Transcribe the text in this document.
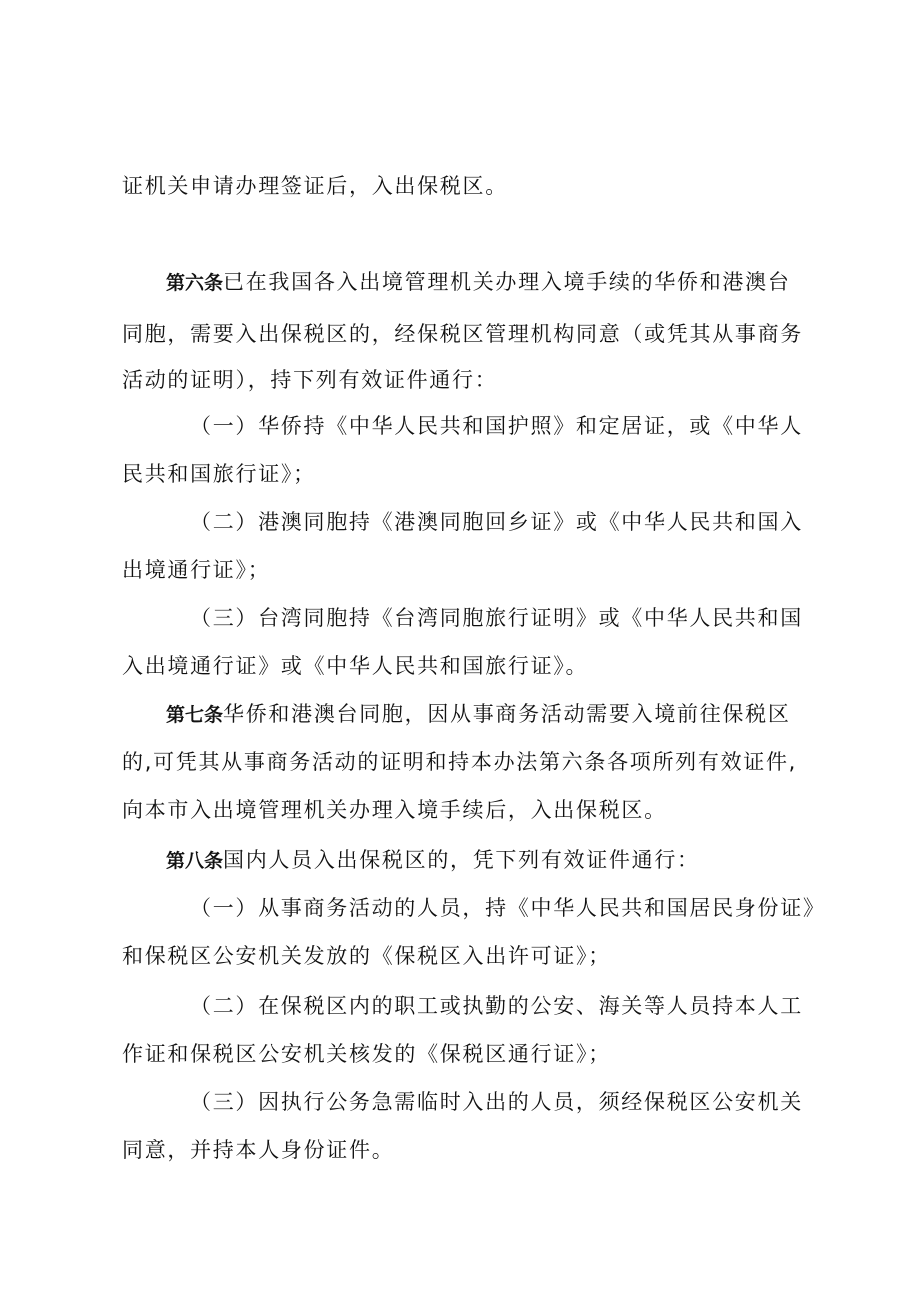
证机关申请办理签证后，入出保税区。
第六条已在我国各入出境管理机关办理入境手续的华侨和港澳台
同胞，需要入出保税区的，经保税区管理机构同意（或凭其从事商务
活动的证明），持下列有效证件通行：
（一）华侨持《中华人民共和国护照》和定居证，或《中华人
民共和国旅行证》；
（二）港澳同胞持《港澳同胞回乡证》或《中华人民共和国入
出境通行证》；
（三）台湾同胞持《台湾同胞旅行证明》或《中华人民共和国
入出境通行证》或《中华人民共和国旅行证》。
第七条华侨和港澳台同胞，因从事商务活动需要入境前往保税区
的,可凭其从事商务活动的证明和持本办法第六条各项所列有效证件,
向本市入出境管理机关办理入境手续后，入出保税区。
第八条国内人员入出保税区的，凭下列有效证件通行：
（一）从事商务活动的人员，持《中华人民共和国居民身份证》
和保税区公安机关发放的《保税区入出许可证》；
（二）在保税区内的职工或执勤的公安、海关等人员持本人工
作证和保税区公安机关核发的《保税区通行证》；
（三）因执行公务急需临时入出的人员，须经保税区公安机关
同意，并持本人身份证件。
